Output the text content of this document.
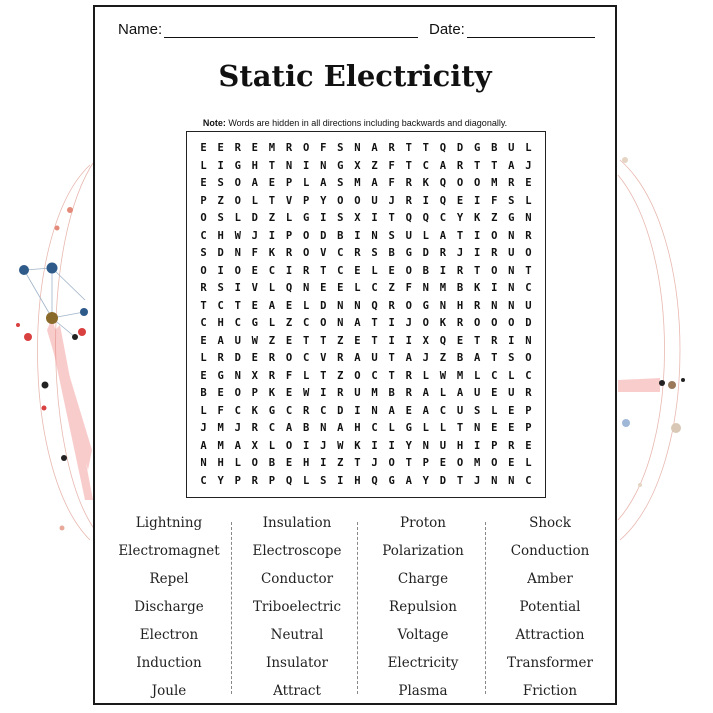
Name:	Date:
Static Electricity
Note: Words are hidden in all directions including backwards and diagonally.
E	E	R	E	M	R	O	F	S	N	A	R	T	T	Q	D	G	B	U	L
L	I	G	H	T	N	I	N	G	X	Z	F	T	C	A	R	T	T	A	J
E	S	O	A	E	P	L	A	S	M	A	F	R	K	Q	O	O	M	R	E
P	Z	O	L	T	V	P	Y	O	O	U	J	R	I	Q	E	I	F	S	L
O	S	L	D	Z	L	G	I	S	X	I	T	Q	Q	C	Y	K	Z	G	N
C	H	W	J	I	P	O	D	B	I	N	S	U	L	A	T	I	O	N	R
S	D	N	F	K	R	O	V	C	R	S	B	G	D	R	J	I	R	U	O
O	I	O	E	C	I	R	T	C	E	L	E	O	B	I	R	T	O	N	T
R	S	I	V	L	Q	N	E	E	L	C	Z	F	N	M	B	K	I	N	C
T	C	T	E	A	E	L	D	N	N	Q	R	O	G	N	H	R	N	N	U
C	H	C	G	L	Z	C	O	N	A	T	I	J	O	K	R	O	O	O	D
E	A	U	W	Z	E	T	T	Z	E	T	I	I	X	Q	E	T	R	I	N
L	R	D	E	R	O	C	V	R	A	U	T	A	J	Z	B	A	T	S	O
E	G	N	X	R	F	L	T	Z	O	C	T	R	L	W	M	L	C	L	C
B	E	O	P	K	E	W	I	R	U	M	B	R	A	L	A	U	E	U	R
L	F	C	K	G	C	R	C	D	I	N	A	E	A	C	U	S	L	E	P
J	M	J	R	C	A	B	N	A	H	C	L	G	L	L	T	N	E	E	P
A	M	A	X	L	O	I	J	W	K	I	I	Y	N	U	H	I	P	R	E
N	H	L	O	B	E	H	I	Z	T	J	O	T	P	E	O	M	O	E	L
C	Y	P	R	P	Q	L	S	I	H	Q	G	A	Y	D	T	J	N	N	C
Lightning
Electromagnet
Repel
Discharge
Electron
Induction
Joule
Insulation
Electroscope
Conductor
Triboelectric
Neutral
Insulator
Attract
Proton
Polarization
Charge
Repulsion
Voltage
Electricity
Plasma
Shock
Conduction
Amber
Potential
Attraction
Transformer
Friction
